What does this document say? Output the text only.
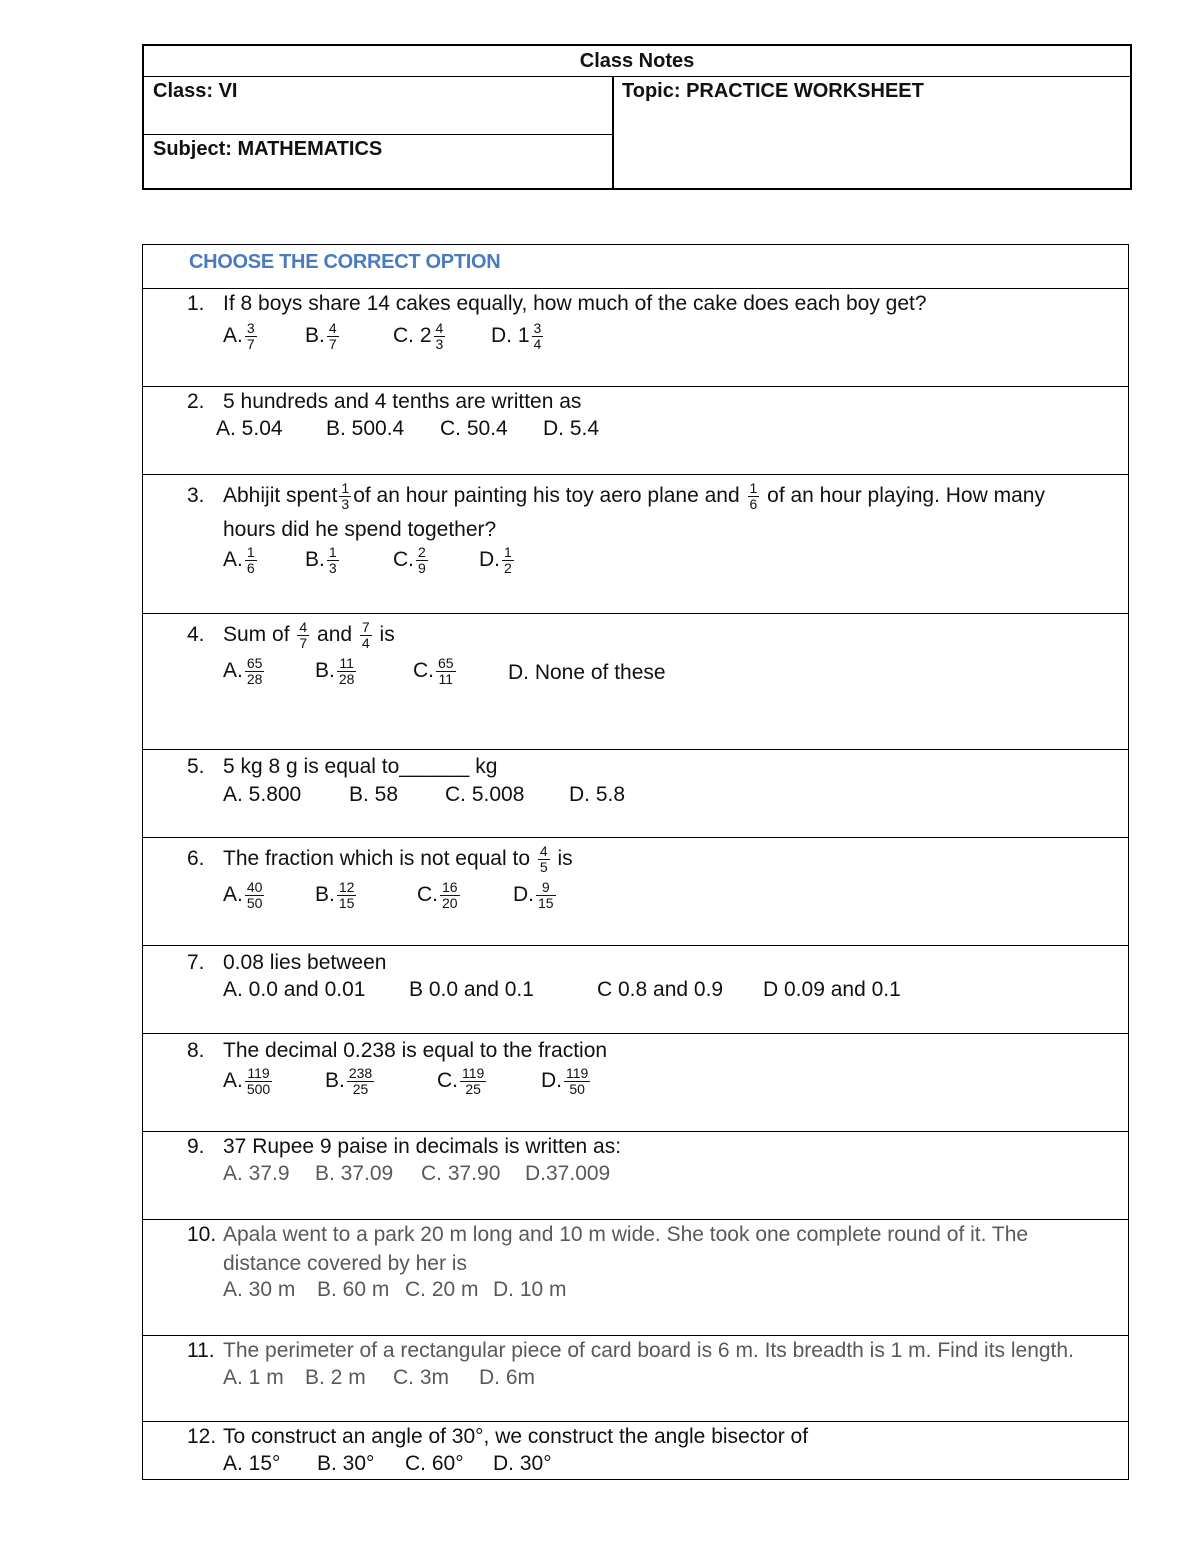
Class Notes
Class: VI
Subject: MATHEMATICS
Topic: PRACTICE WORKSHEET
CHOOSE THE CORRECT OPTION
1. If 8 boys share 14 cakes equally, how much of the cake does each boy get?
A. $\frac{3}{7} B$. $\frac{4}{7}$	C. $2 \frac{4}{3} D$. $1 \frac{3}{4}$
2. 5 hundreds and 4 tenths are written as
A. 5.04 B. 500.4 C. 50.4 D. 5.4
3. Abhijit spent $\frac{1}{3}$ of an hour painting his toy aero plane and $\frac{1}{6}$ of an hour playing. How many
hours did he spend together?
A. $\frac{1}{6} B$. $\frac{1}{3}$	C. $\frac{2}{9} D$. $\frac{1}{2}$
4. Sum of $\frac{4}{7}$ and $\frac{7}{4}$ is
A. $\frac{65}{28} B$. $\frac{11}{28}$	C. $\frac{65}{11} D$. None of these
5. 5 kg 8 g is equal to______ kg
A. 5.800 B. 58 C. 5.008 D. 5.8
6. The fraction which is not equal to $\frac{4}{5}$ is
A. $\frac{40}{50} B$. $\frac{12}{15}$	C. $\frac{16}{20}$	D. $\frac{9}{15}$
7. 0.08 lies between
A. 0.0 and 0.01 B 0.0 and 0.1	C 0.8 and 0.9 D 0.09 and 0.1
8. The decimal 0.238 is equal to the fraction
A. $\frac{119}{500}$	B. $\frac{238}{25}$	C. $\frac{119}{25}$	D. $\frac{119}{50}$
9. 37 Rupee 9 paise in decimals is written as:
A. 37.9 B. 37.09 C. 37.90 D.37.009
10. Apala went to a park 20 m long and 10 m wide. She took one complete round of it. The
distance covered by her is
A. 30 m B. 60 m C. 20 m D. 10 m
11. The perimeter of a rectangular piece of card board is 6 m. Its breadth is 1 m. Find its length.
A. 1 m B. 2 m C. 3m D. 6m
12. To construct an angle of 30°, we construct the angle bisector of
A. 15° B. 30° C. 60° D. 30°
